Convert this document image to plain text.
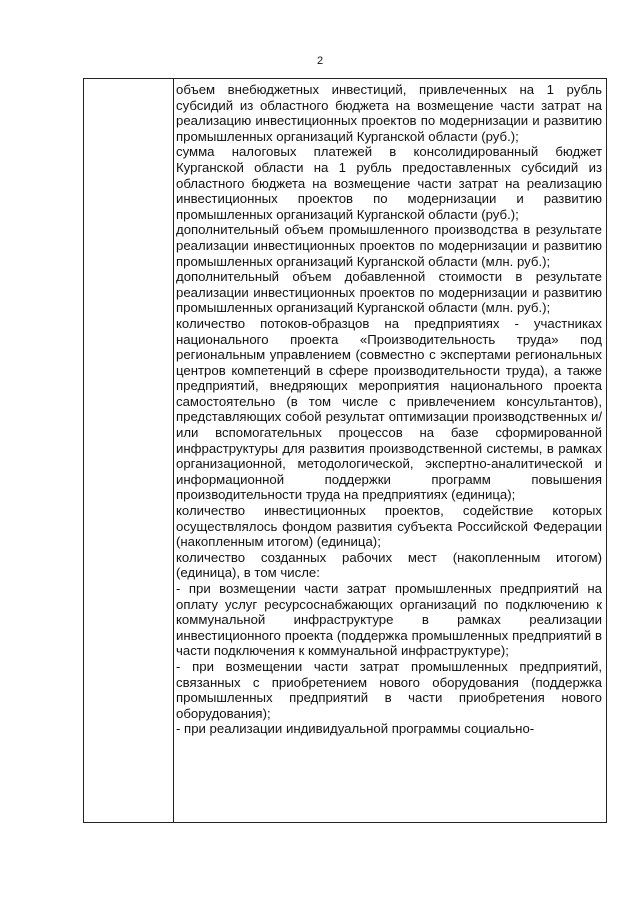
2

объем внебюджетных инвестиций, привлеченных на 1 рубль субсидий из областного бюджета на возмещение части затрат на реализацию инвестиционных проектов по модернизации и развитию промышленных организаций Курганской области (руб.);

сумма налоговых платежей в консолидированный бюджет Курганской области на 1 рубль предоставленных субсидий из областного бюджета на возмещение части затрат на реализацию инвестиционных проектов по модернизации и развитию промышленных организаций Курганской области (руб.);

дополнительный объем промышленного производства в результате реализации инвестиционных проектов по модернизации и развитию промышленных организаций Курганской области (млн. руб.);

дополнительный объем добавленной стоимости в результате реализации инвестиционных проектов по модернизации и развитию промышленных организаций Курганской области (млн. руб.);

количество потоков-образцов на предприятиях - участниках национального проекта «Производительность труда» под региональным управлением (совместно с экспертами региональных центров компетенций в сфере производительности труда), а также предприятий, внедряющих мероприятия национального проекта самостоятельно (в том числе с привлечением консультантов), представляющих собой результат оптимизации производственных и/или вспомогательных процессов на базе сформированной инфраструктуры для развития производственной системы, в рамках организационной, методологической, экспертно-аналитической и информационной поддержки программ повышения производительности труда на предприятиях (единица);

количество инвестиционных проектов, содействие которых осуществлялось фондом развития субъекта Российской Федерации (накопленным итогом) (единица);

количество созданных рабочих мест (накопленным итогом) (единица), в том числе:

- при возмещении части затрат промышленных предприятий на оплату услуг ресурсоснабжающих организаций по подключению к коммунальной инфраструктуре в рамках реализации инвестиционного проекта (поддержка промышленных предприятий в части подключения к коммунальной инфраструктуре);

- при возмещении части затрат промышленных предприятий, связанных с приобретением нового оборудования (поддержка промышленных предприятий в части приобретения нового оборудования);

- при реализации индивидуальной программы социально-
